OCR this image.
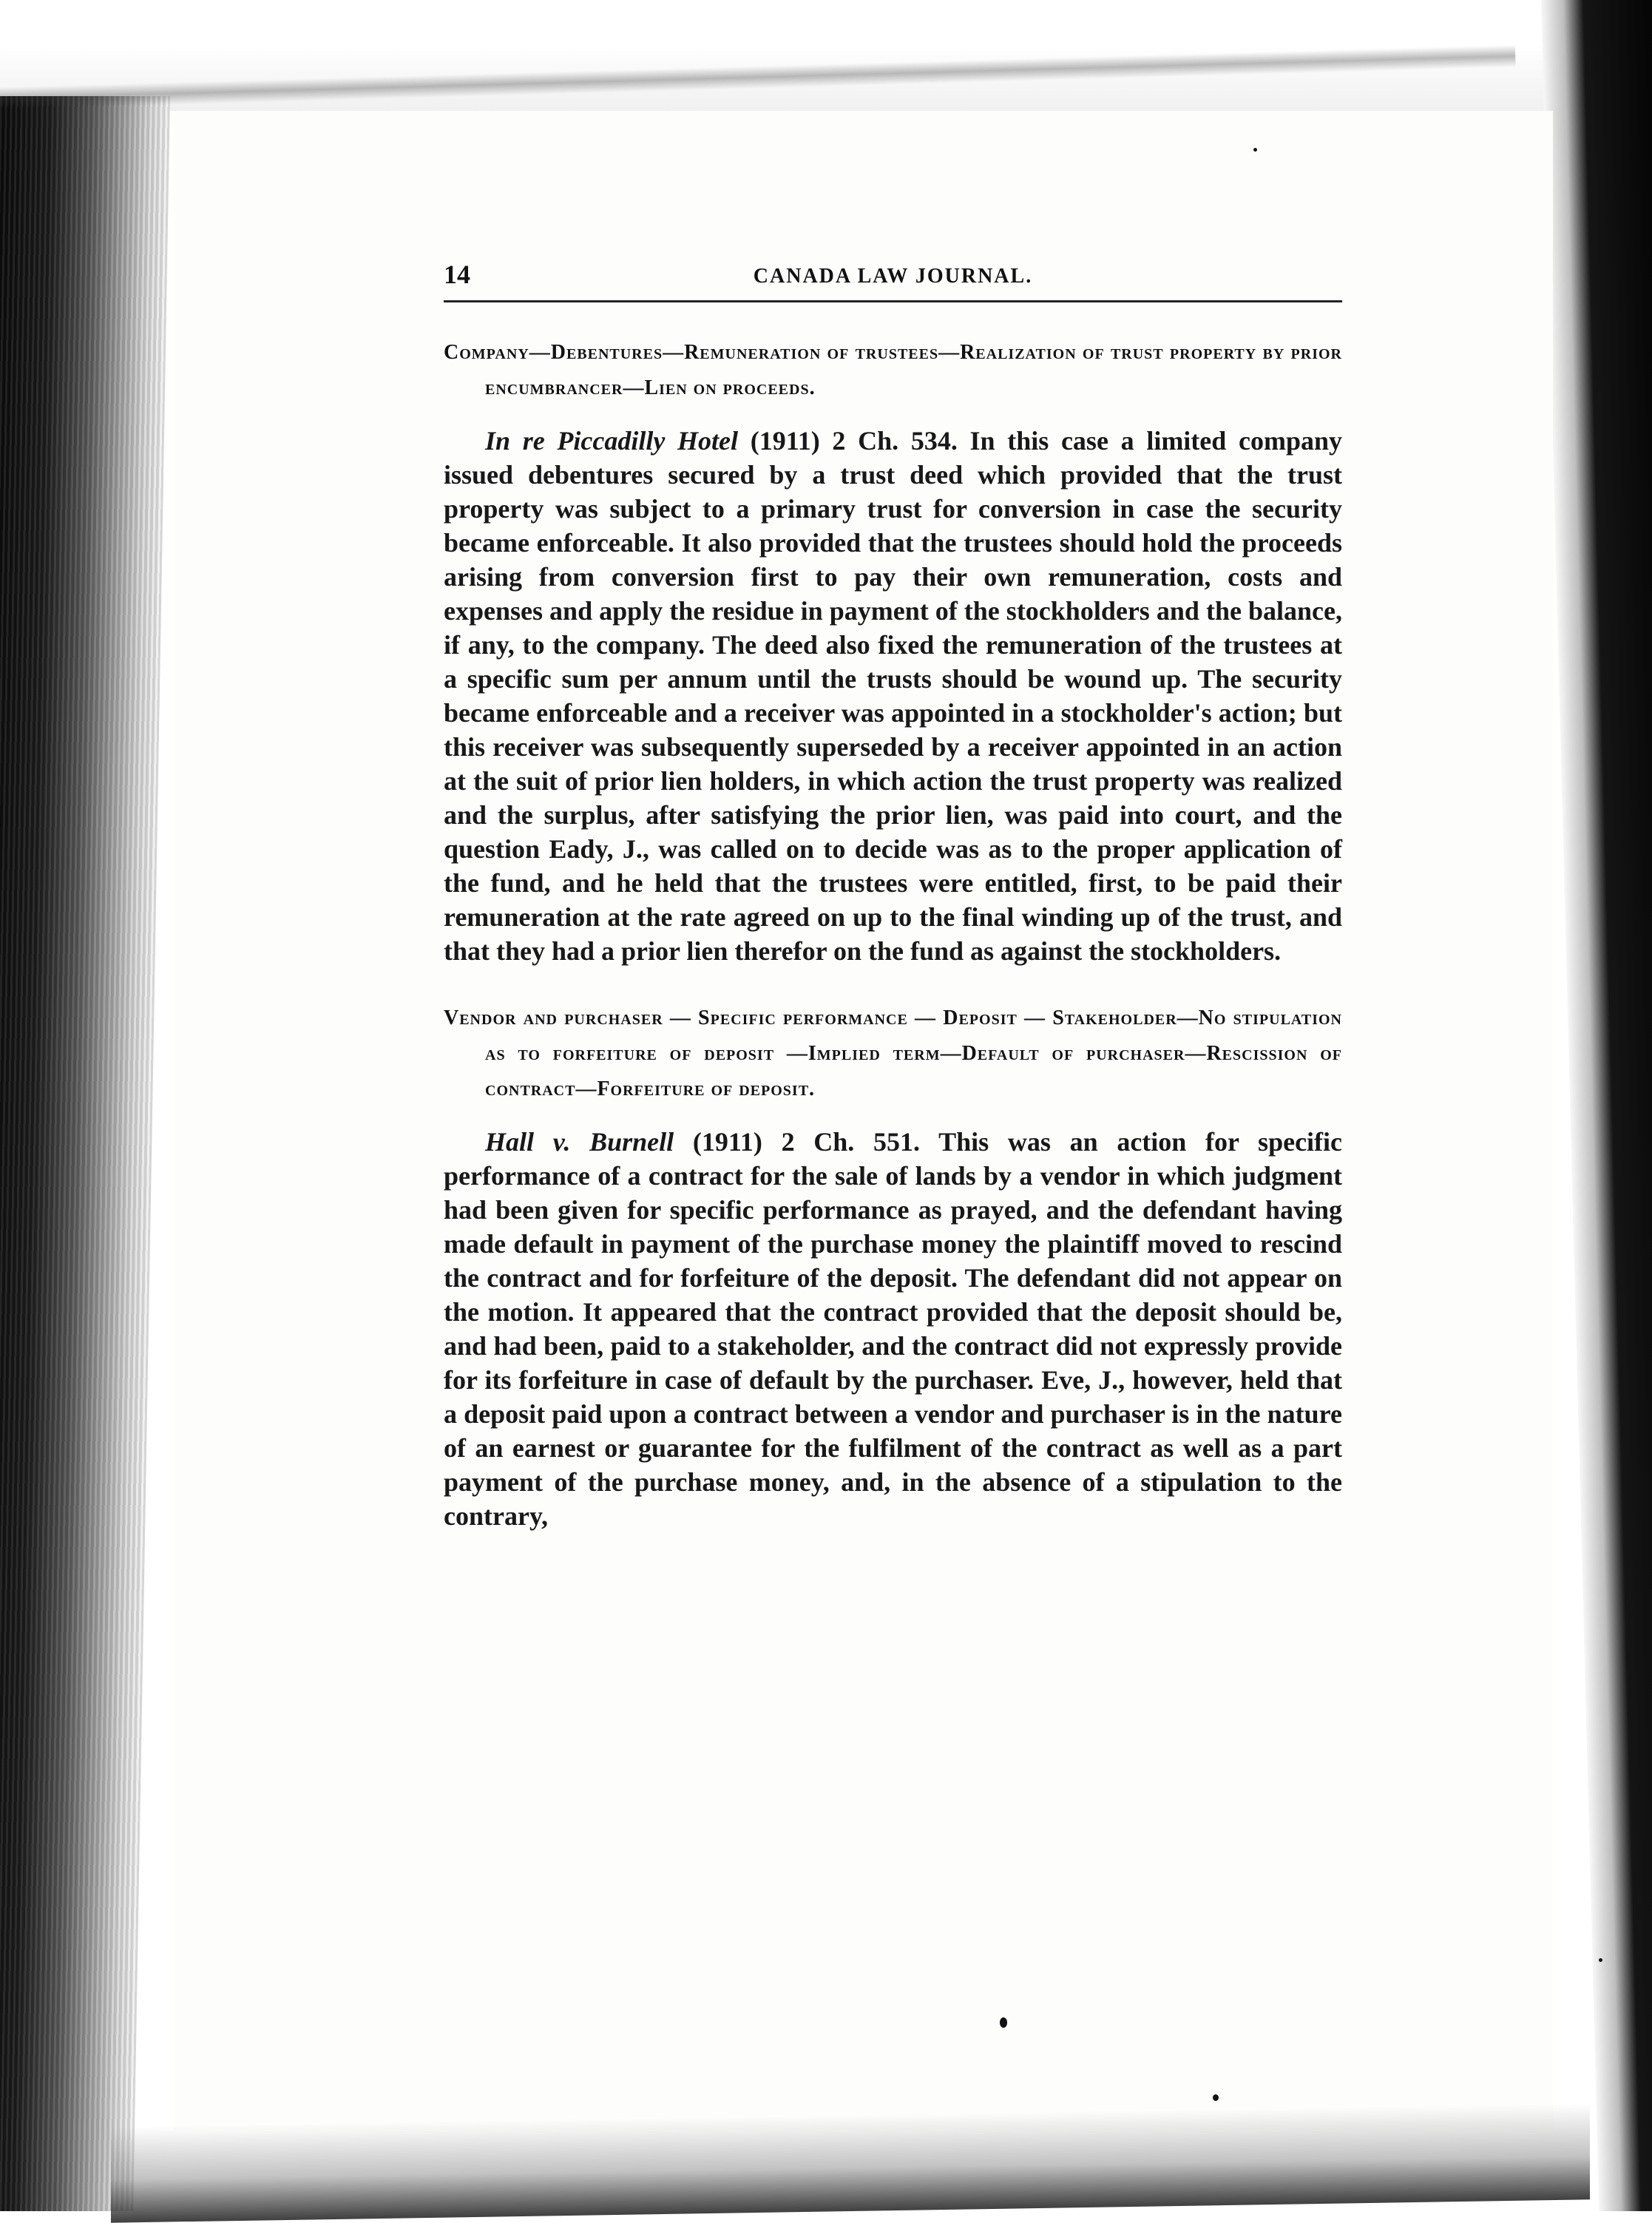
14	CANADA LAW JOURNAL.
Company—Debentures—Remuneration of trustees—Realization of trust property by prior encumbrancer—Lien on proceeds.

In re Piccadilly Hotel (1911) 2 Ch. 534. In this case a limited company issued debentures secured by a trust deed which provided that the trust property was subject to a primary trust for conversion in case the security became enforceable. It also provided that the trustees should hold the proceeds arising from conversion first to pay their own remuneration, costs and expenses and apply the residue in payment of the stockholders and the balance, if any, to the company. The deed also fixed the remuneration of the trustees at a specific sum per annum until the trusts should be wound up. The security became enforceable and a receiver was appointed in a stockholder's action; but this receiver was subsequently superseded by a receiver appointed in an action at the suit of prior lien holders, in which action the trust property was realized and the surplus, after satisfying the prior lien, was paid into court, and the question Eady, J., was called on to decide was as to the proper application of the fund, and he held that the trustees were entitled, first, to be paid their remuneration at the rate agreed on up to the final winding up of the trust, and that they had a prior lien therefor on the fund as against the stockholders.

Vendor and purchaser — Specific performance — Deposit — Stakeholder—No stipulation as to forfeiture of deposit —Implied term—Default of purchaser—Rescission of contract—Forfeiture of deposit.

Hall v. Burnell (1911) 2 Ch. 551. This was an action for specific performance of a contract for the sale of lands by a vendor in which judgment had been given for specific performance as prayed, and the defendant having made default in payment of the purchase money the plaintiff moved to rescind the contract and for forfeiture of the deposit. The defendant did not appear on the motion. It appeared that the contract provided that the deposit should be, and had been, paid to a stakeholder, and the contract did not expressly provide for its forfeiture in case of default by the purchaser. Eve, J., however, held that a deposit paid upon a contract between a vendor and purchaser is in the nature of an earnest or guarantee for the fulfilment of the contract as well as a part payment of the purchase money, and, in the absence of a stipulation to the contrary,
